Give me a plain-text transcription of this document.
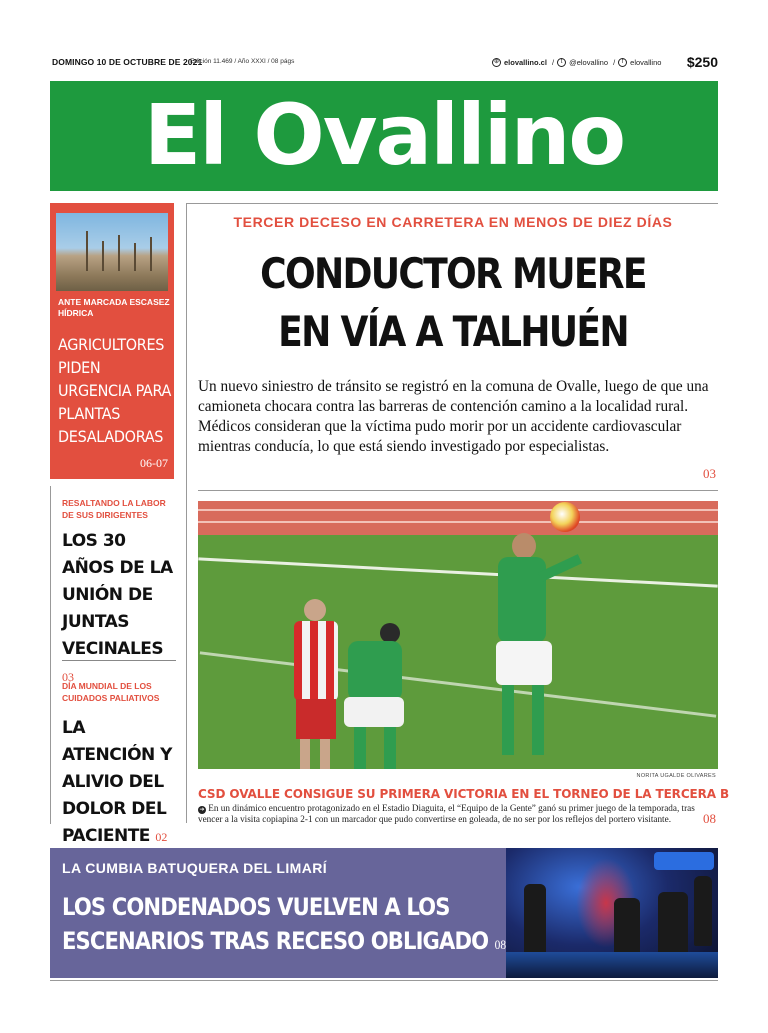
DOMINGO 10 DE OCTUBRE DE 2021
Edición 11.469 / Año XXXI / 08 págs	⊕ elovallino.cl /	t @elovallino /	f elovallino $250
El Ovallino
ANTE MARCADA ESCASEZ HÍDRICA
AGRICULTORES PIDEN URGENCIA PARA PLANTAS DESALADORAS
06-07
RESALTANDO LA LABOR DE SUS DIRIGENTES
LOS 30 AÑOS DE LA UNIÓN DE JUNTAS VECINALES 03
DÍA MUNDIAL DE LOS CUIDADOS PALIATIVOS
LA ATENCIÓN Y ALIVIO DEL DOLOR DEL PACIENTE 02
TERCER DECESO EN CARRETERA EN MENOS DE DIEZ DÍAS
CONDUCTOR MUERE EN VÍA A TALHUÉN
Un nuevo siniestro de tránsito se registró en la comuna de Ovalle, luego de que una camioneta chocara contra las barreras de contención camino a la localidad rural. Médicos consideran que la víctima pudo morir por un accidente cardiovascular mientras conducía, lo que está siendo investigado por especialistas.
03
NORITA UGALDE OLIVARES
CSD OVALLE CONSIGUE SU PRIMERA VICTORIA EN EL TORNEO DE LA TERCERA B
➔ En un dinámico encuentro protagonizado en el Estadio Diaguita, el “Equipo de la Gente” ganó su primer juego de la temporada, tras vencer a la visita copiapina 2-1 con un marcador que pudo convertirse en goleada, de no ser por los reflejos del portero visitante.	08
LA CUMBIA BATUQUERA DEL LIMARÍ
LOS CONDENADOS VUELVEN A LOS
ESCENARIOS TRAS RECESO OBLIGADO 08
